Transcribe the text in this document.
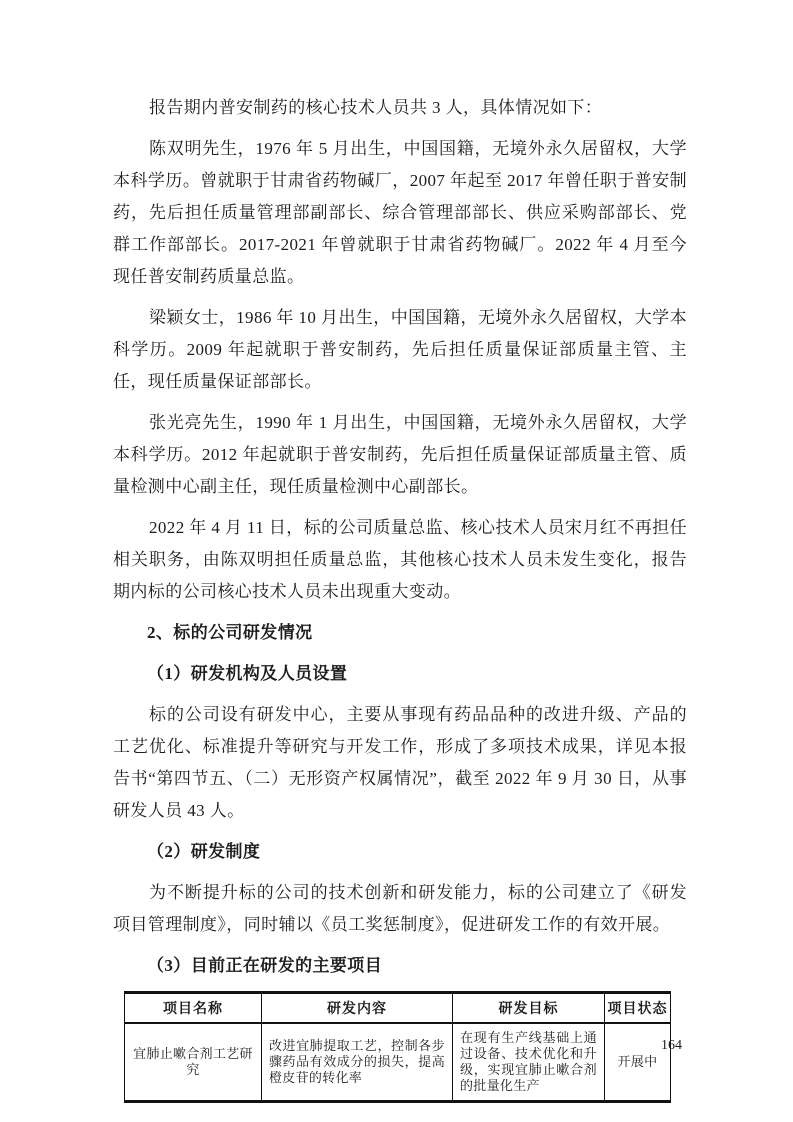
报告期内普安制药的核心技术人员共 3 人，具体情况如下：

陈双明先生，1976 年 5 月出生，中国国籍，无境外永久居留权，大学本科学历。曾就职于甘肃省药物碱厂，2007 年起至 2017 年曾任职于普安制药，先后担任质量管理部副部长、综合管理部部长、供应采购部部长、党群工作部部长。2017-2021 年曾就职于甘肃省药物碱厂。2022 年 4 月至今现任普安制药质量总监。

梁颖女士，1986 年 10 月出生，中国国籍，无境外永久居留权，大学本科学历。2009 年起就职于普安制药，先后担任质量保证部质量主管、主任，现任质量保证部部长。

张光亮先生，1990 年 1 月出生，中国国籍，无境外永久居留权，大学本科学历。2012 年起就职于普安制药，先后担任质量保证部质量主管、质量检测中心副主任，现任质量检测中心副部长。

2022 年 4 月 11 日，标的公司质量总监、核心技术人员宋月红不再担任相关职务，由陈双明担任质量总监，其他核心技术人员未发生变化，报告期内标的公司核心技术人员未出现重大变动。

2、标的公司研发情况

（1）研发机构及人员设置

标的公司设有研发中心，主要从事现有药品品种的改进升级、产品的工艺优化、标准提升等研究与开发工作，形成了多项技术成果，详见本报告书“第四节五、（二）无形资产权属情况”，截至 2022 年 9 月 30 日，从事研发人员 43 人。

（2）研发制度

为不断提升标的公司的技术创新和研发能力，标的公司建立了《研发项目管理制度》，同时辅以《员工奖惩制度》，促进研发工作的有效开展。

（3）目前正在研发的主要项目

项目名称	研发内容	研发目标	项目状态
宜肺止嗽合剂工艺研究	改进宜肺提取工艺，控制各步骤药品有效成分的损失，提高橙皮苷的转化率	在现有生产线基础上通过设备、技术优化和升级，实现宜肺止嗽合剂的批量化生产	开展中
164
